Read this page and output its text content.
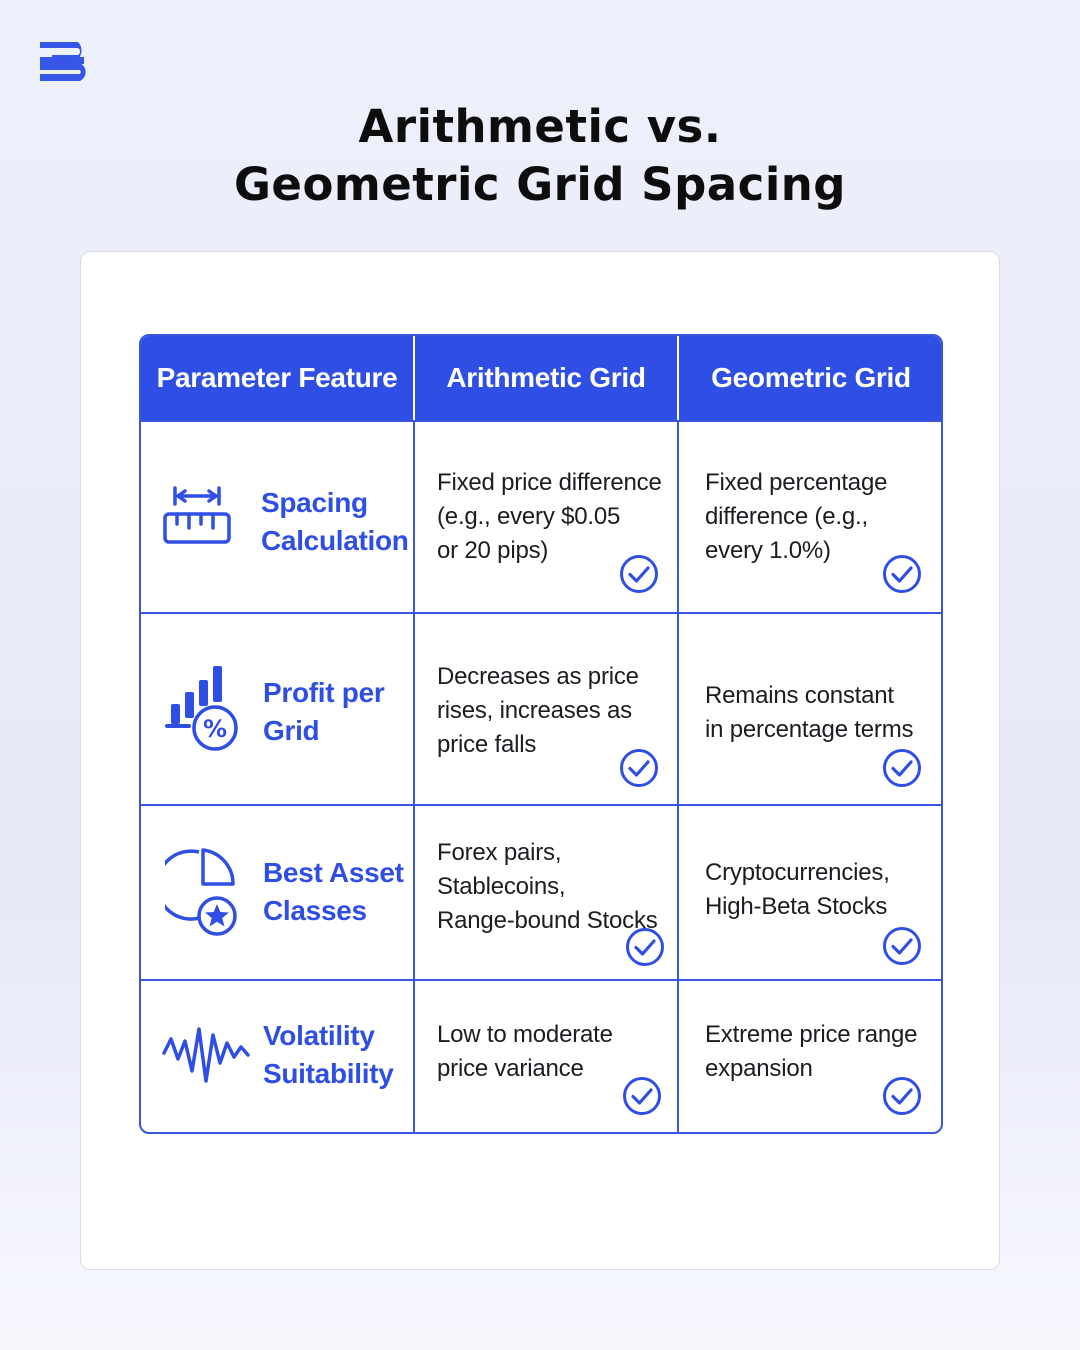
Arithmetic vs.
Geometric Grid Spacing
Parameter Feature	Arithmetic Grid	Geometric Grid
Spacing
Calculation
Fixed price difference
(e.g., every $0.05
or 20 pips)
Fixed percentage
difference (e.g.,
every 1.0%)
%
Profit per
Grid
Decreases as price
rises, increases as
price falls
Remains constant
in percentage terms
Best Asset
Classes
Forex pairs,
Stablecoins,
Range-bound Stocks
Cryptocurrencies,
High-Beta Stocks
Volatility
Suitability
Low to moderate
price variance
Extreme price range
expansion
